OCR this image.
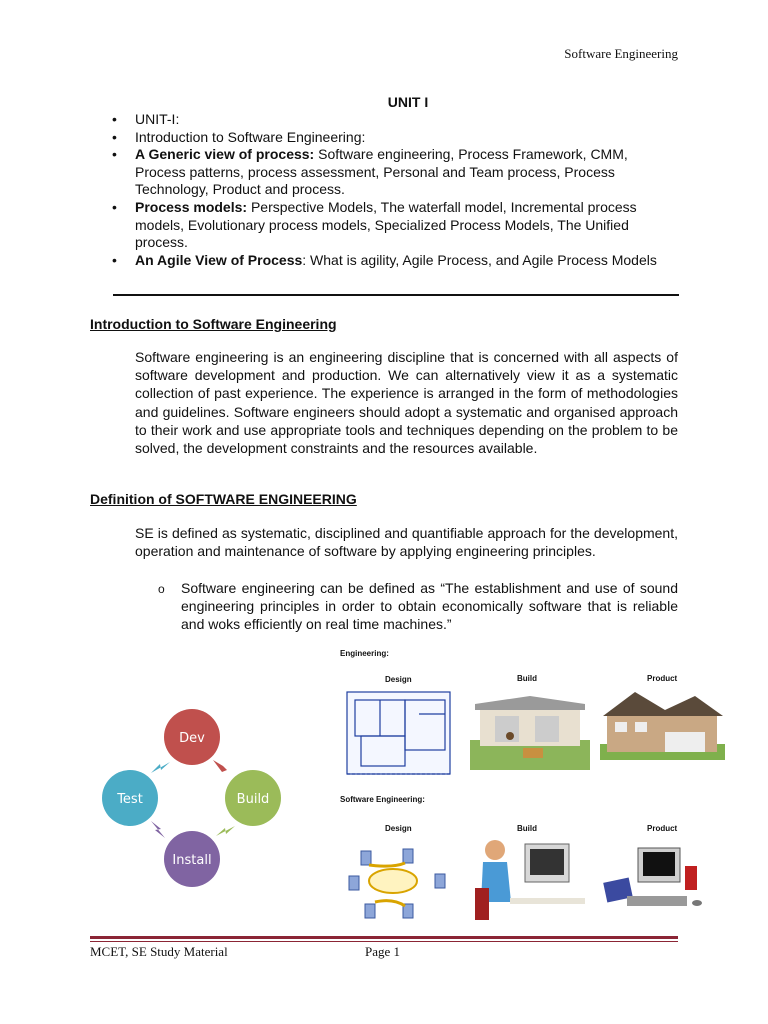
Software Engineering
UNIT I
• UNIT-I:
• Introduction to Software Engineering:
• A Generic view of process: Software engineering, Process Framework, CMM, Process patterns, process assessment, Personal and Team process, Process Technology, Product and process.
• Process models: Perspective Models, The waterfall model, Incremental process models, Evolutionary process models, Specialized Process Models, The Unified process.
• An Agile View of Process: What is agility, Agile Process, and Agile Process Models
Introduction to Software Engineering

Software engineering is an engineering discipline that is concerned with all aspects of software development and production. We can alternatively view it as a systematic collection of past experience. The experience is arranged in the form of methodologies and guidelines. Software engineers should adopt a systematic and organised approach to their work and use appropriate tools and techniques depending on the problem to be solved, the development constraints and the resources available.

Definition of SOFTWARE ENGINEERING

SE is defined as systematic, disciplined and quantifiable approach for the development, operation and maintenance of software by applying engineering principles.

o Software engineering can be defined as “The establishment and use of sound engineering principles in order to obtain economically software that is reliable and woks efficiently on real time machines.”
Dev
Build
Install
Test
Engineering:
Design	Build	Product
Software Engineering:
Design	Build	Product
MCET, SE Study Material	Page 1
